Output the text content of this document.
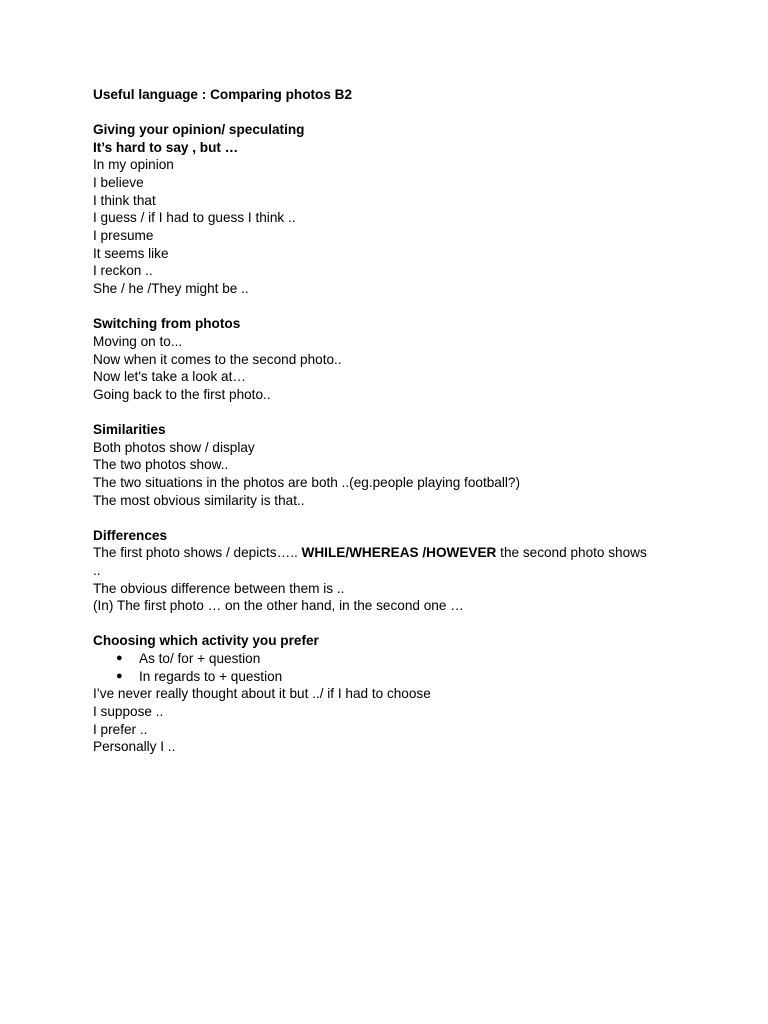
Useful language : Comparing photos B2
Giving your opinion/ speculating
It’s hard to say , but …
In my opinion
I believe
I think that
I guess / if I had to guess I think ..
I presume
It seems like
I reckon ..
She / he /They might be ..
Switching from photos
Moving on to...
Now when it comes to the second photo..
Now let's take a look at…
Going back to the first photo..
Similarities
Both photos show / display
The two photos show..
The two situations in the photos are both ..(eg.people playing football?)
The most obvious similarity is that..
Differences
The first photo shows / depicts….. WHILE/WHEREAS /HOWEVER the second photo shows
..
The obvious difference between them is ..
(In) The first photo … on the other hand, in the second one …
Choosing which activity you prefer
● As to/ for + question
● In regards to + question
I’ve never really thought about it but ../ if I had to choose
I suppose ..
I prefer ..
Personally I ..
